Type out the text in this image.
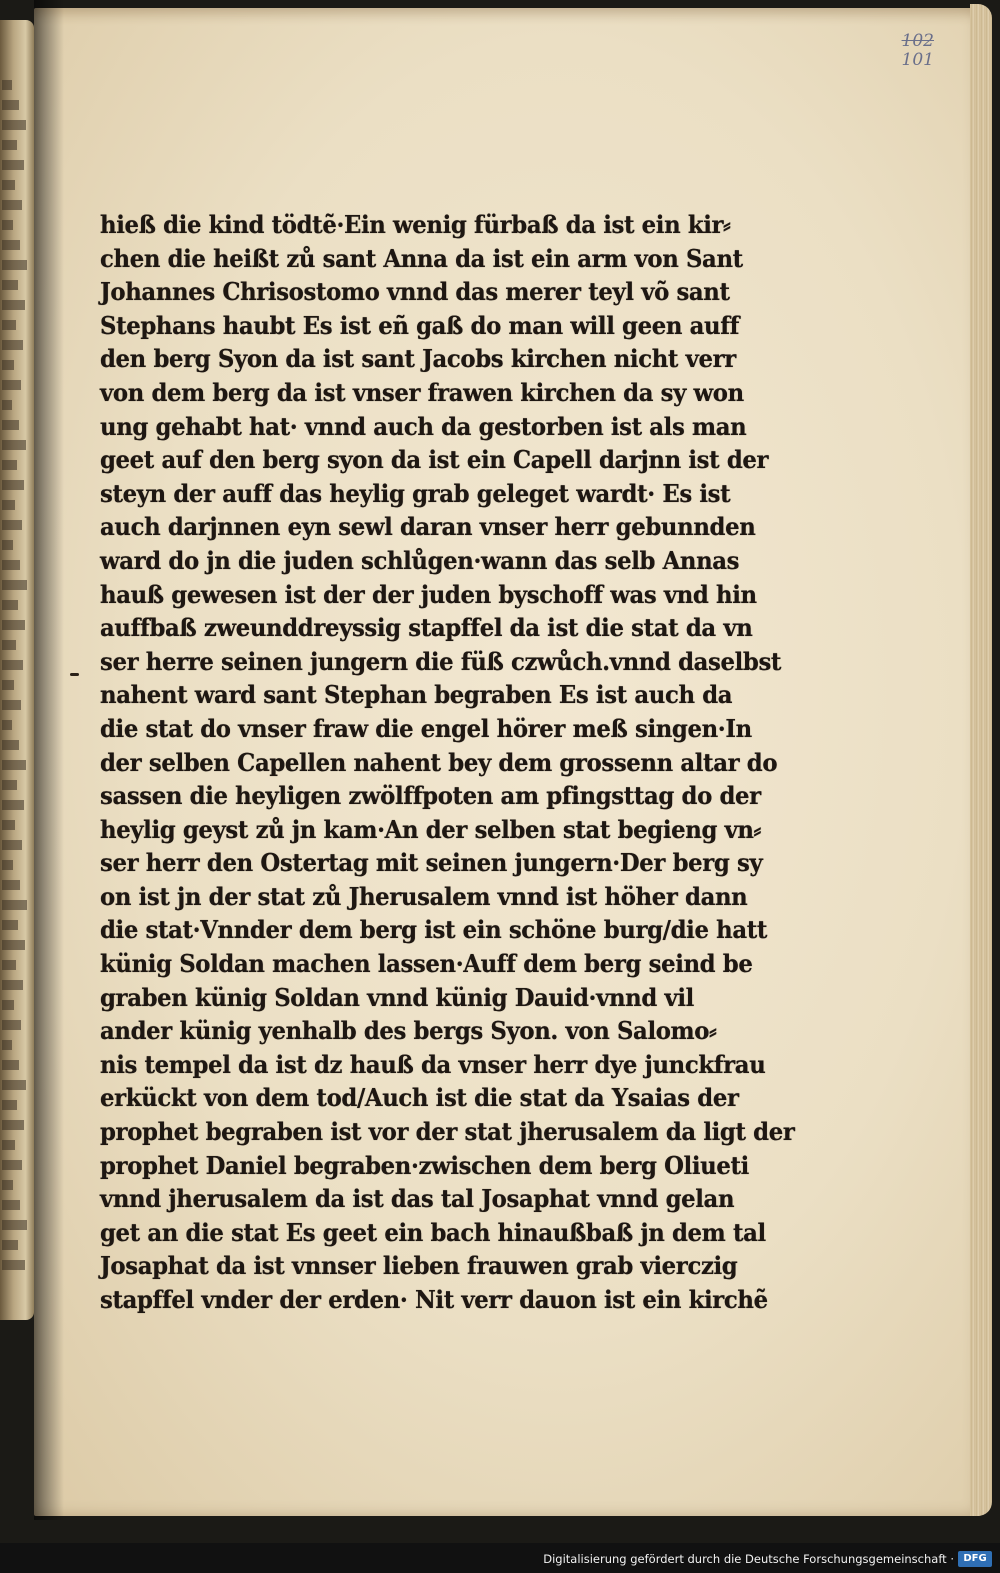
102
101
hieß die kind tödtẽ·Ein wenig fürbaß da ist ein kir⸗
chen die heißt zů sant Anna da ist ein arm von Sant
Johannes Chrisostomo vnnd das merer teyl võ sant
Stephans haubt Es ist eñ gaß do man will geen auff
den berg Syon da ist sant Jacobs kirchen nicht verr
von dem berg da ist vnser frawen kirchen da sy won
ung gehabt hat· vnnd auch da gestorben ist als man
geet auf den berg syon da ist ein Capell darjnn ist der
steyn der auff das heylig grab geleget wardt· Es ist
auch darjnnen eyn sewl daran vnser herr gebunnden
ward do jn die juden schlůgen·wann das selb Annas
hauß gewesen ist der der juden byschoff was vnd hin
auffbaß zweunddreyssig stapffel da ist die stat da vn
ser herre seinen jungern die füß czwůch.vnnd daselbst
nahent ward sant Stephan begraben Es ist auch da
die stat do vnser fraw die engel hörer meß singen·In
der selben Capellen nahent bey dem grossenn altar do
sassen die heyligen zwölffpoten am pfingsttag do der
heylig geyst zů jn kam·An der selben stat begieng vn⸗
ser herr den Ostertag mit seinen jungern·Der berg sy
on ist jn der stat zů Jherusalem vnnd ist höher dann
die stat·Vnnder dem berg ist ein schöne burg/die hatt
künig Soldan machen lassen·Auff dem berg seind be
graben künig Soldan vnnd künig Dauid·vnnd vil
ander künig yenhalb des bergs Syon. von Salomo⸗
nis tempel da ist dz hauß da vnser herr dye junckfrau
erkückt von dem tod/Auch ist die stat da Ysaias der
prophet begraben ist vor der stat jherusalem da ligt der
prophet Daniel begraben·zwischen dem berg Oliueti
vnnd jherusalem da ist das tal Josaphat vnnd gelan
get an die stat Es geet ein bach hinaußbaß jn dem tal
Josaphat da ist vnnser lieben frauwen grab vierczig
stapffel vnder der erden· Nit verr dauon ist ein kirchẽ
Digitalisierung gefördert durch die Deutsche Forschungsgemeinschaft · DFG
